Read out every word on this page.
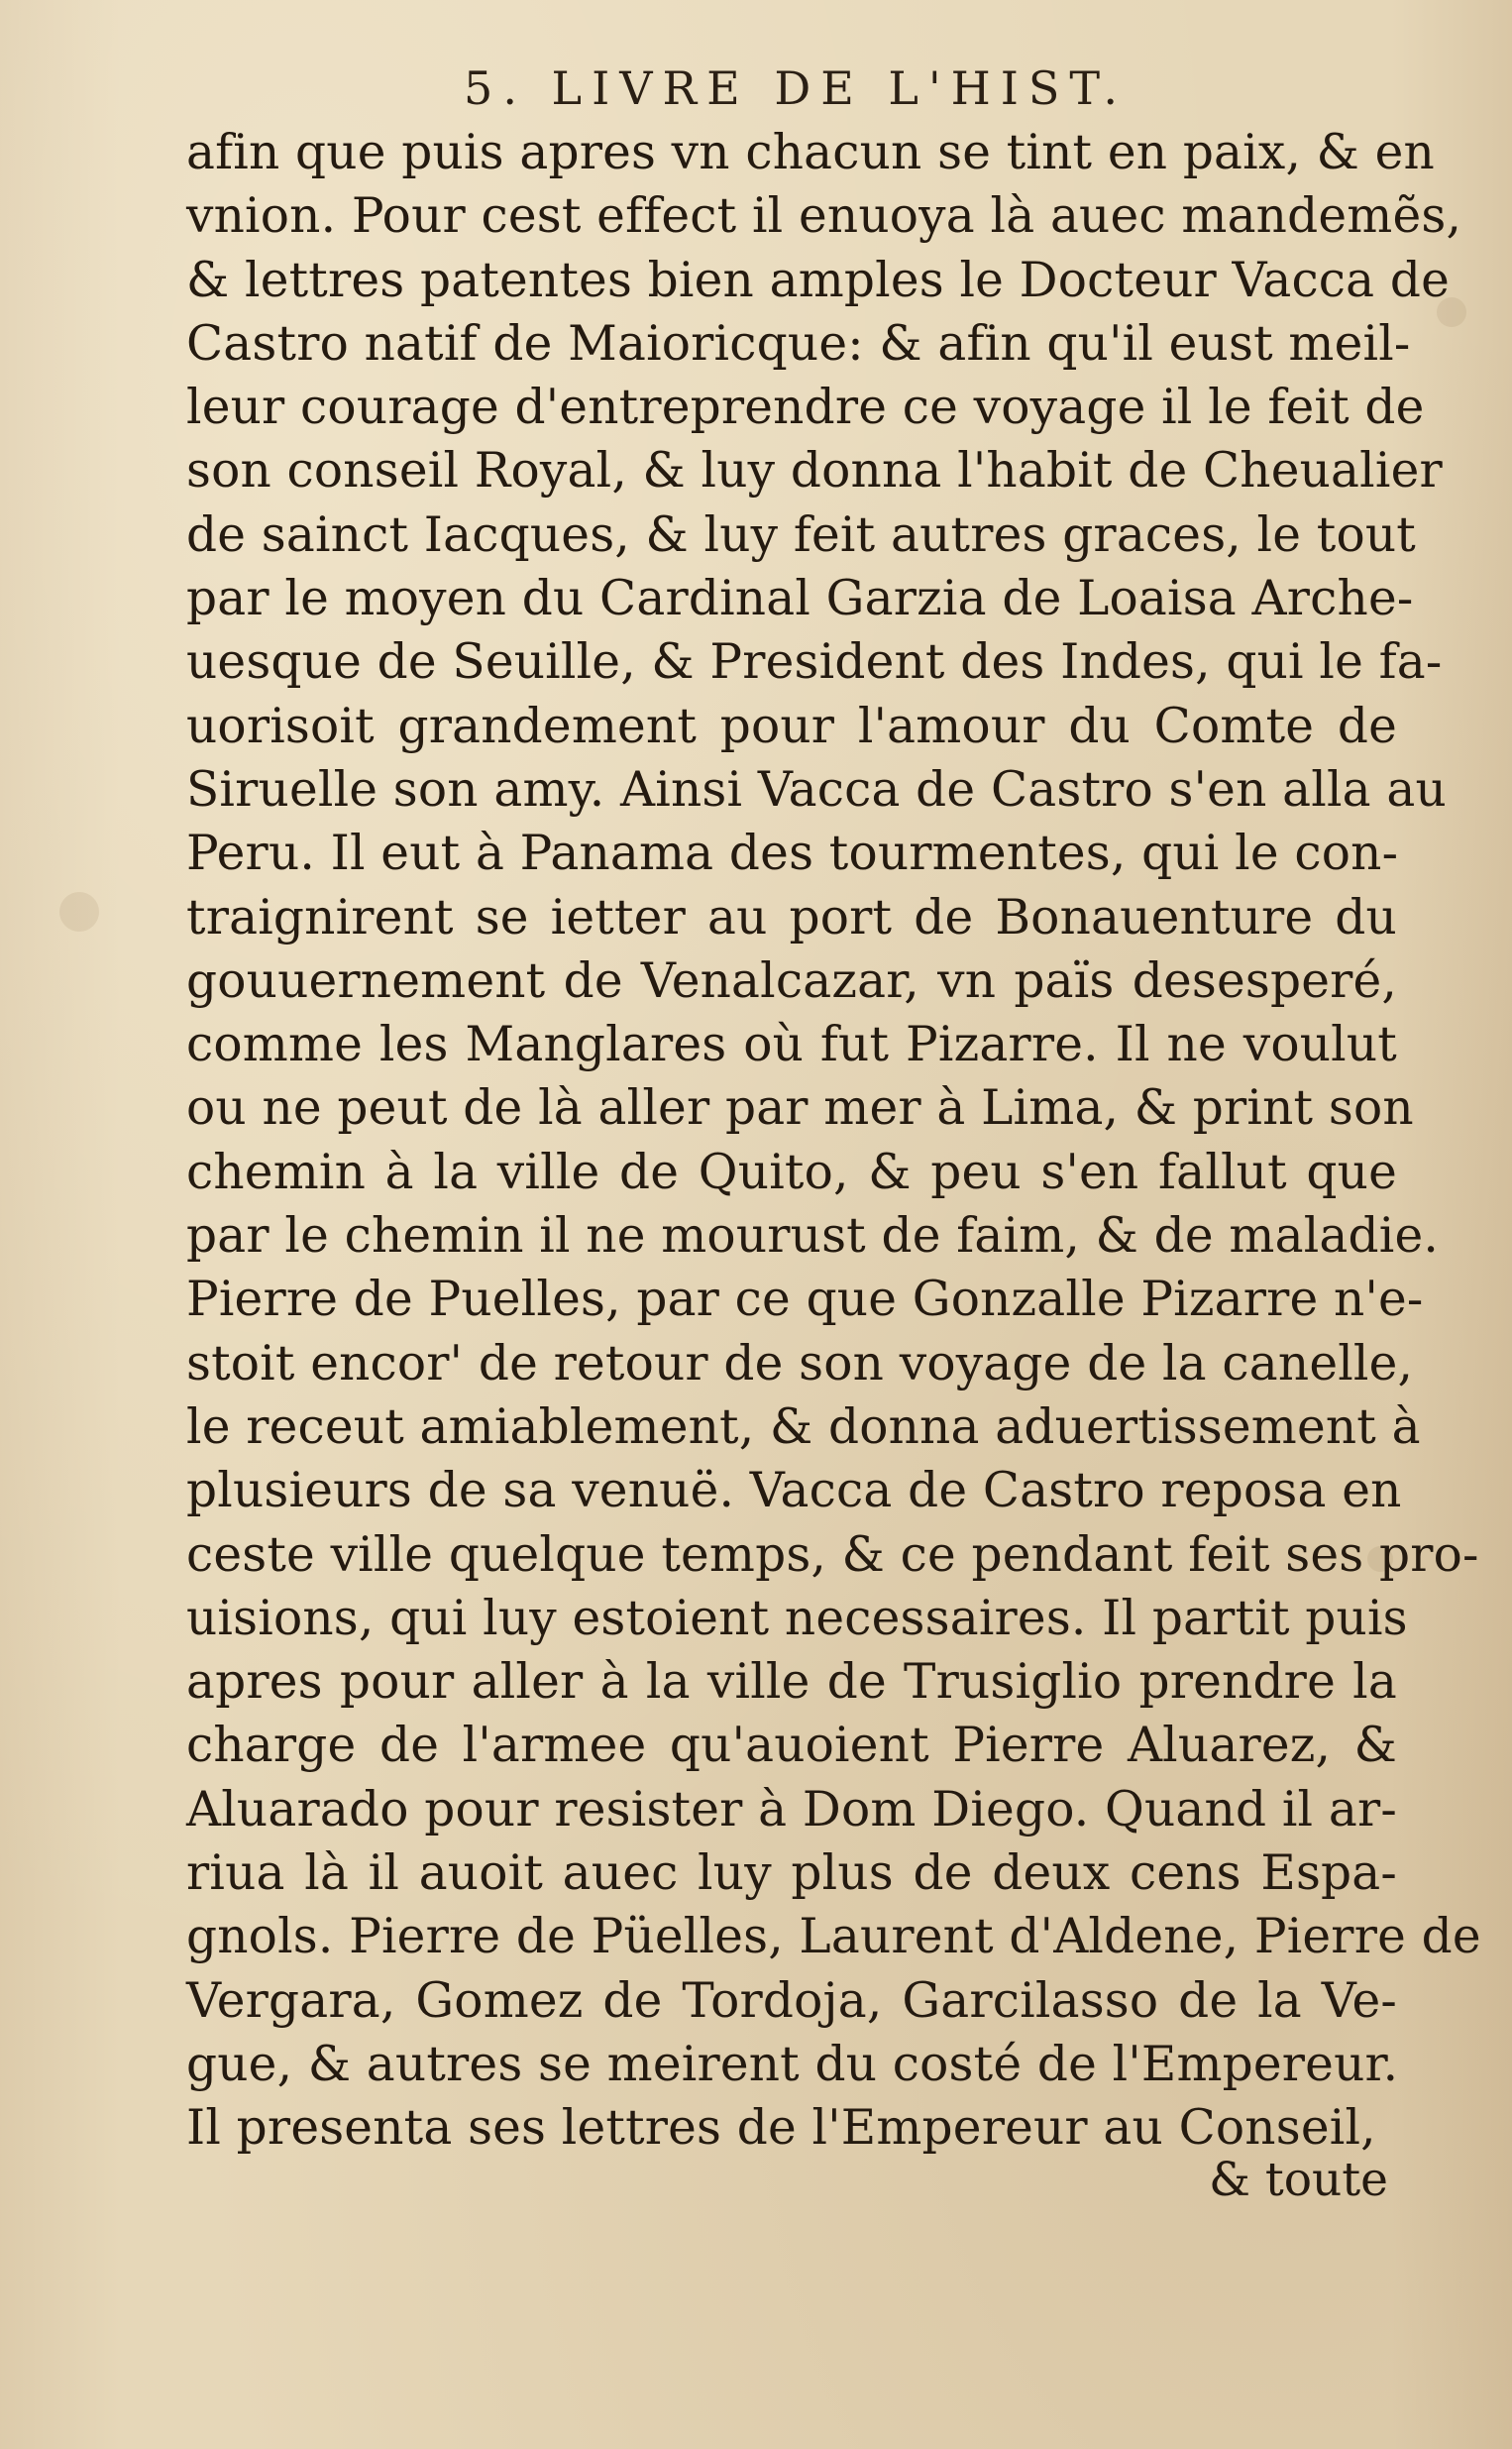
5. LIVRE DE L'HIST.
afin que puis apres vn chacun se tint en paix, & en
vnion. Pour cest effect il enuoya là auec mandemẽs,
& lettres patentes bien amples le Docteur Vacca de
Castro natif de Maioricque: & afin qu'il eust meil-
leur courage d'entreprendre ce voyage il le feit de
son conseil Royal, & luy donna l'habit de Cheualier
de sainct Iacques, & luy feit autres graces, le tout
par le moyen du Cardinal Garzia de Loaisa Arche-
uesque de Seuille, & President des Indes, qui le fa-
uorisoit grandement pour l'amour du Comte de
Siruelle son amy. Ainsi Vacca de Castro s'en alla au
Peru. Il eut à Panama des tourmentes, qui le con-
traignirent se ietter au port de Bonauenture du
gouuernement de Venalcazar, vn païs desesperé,
comme les Manglares où fut Pizarre. Il ne voulut
ou ne peut de là aller par mer à Lima, & print son
chemin à la ville de Quito, & peu s'en fallut que
par le chemin il ne mourust de faim, & de maladie.
Pierre de Puelles, par ce que Gonzalle Pizarre n'e-
stoit encor' de retour de son voyage de la canelle,
le receut amiablement, & donna aduertissement à
plusieurs de sa venuë. Vacca de Castro reposa en
ceste ville quelque temps, & ce pendant feit ses pro-
uisions, qui luy estoient necessaires. Il partit puis
apres pour aller à la ville de Trusiglio prendre la
charge de l'armee qu'auoient Pierre Aluarez, &
Aluarado pour resister à Dom Diego. Quand il ar-
riua là il auoit auec luy plus de deux cens Espa-
gnols. Pierre de Püelles, Laurent d'Aldene, Pierre de
Vergara, Gomez de Tordoja, Garcilasso de la Ve-
gue, & autres se meirent du costé de l'Empereur.
Il presenta ses lettres de l'Empereur au Conseil,
& toute
